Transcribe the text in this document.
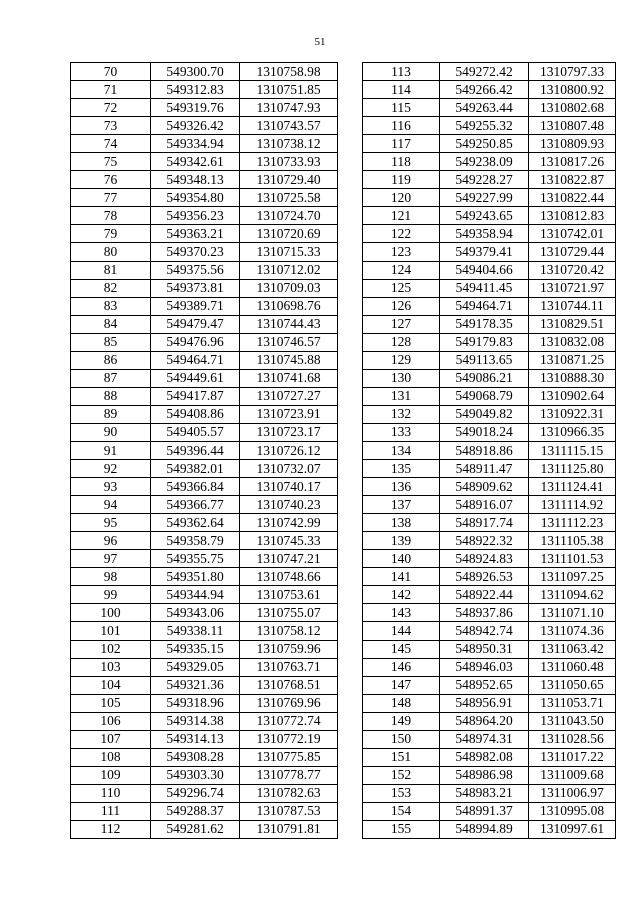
51
70	549300.70	1310758.98		113	549272.42	1310797.33
71	549312.83	1310751.85		114	549266.42	1310800.92
72	549319.76	1310747.93		115	549263.44	1310802.68
73	549326.42	1310743.57		116	549255.32	1310807.48
74	549334.94	1310738.12		117	549250.85	1310809.93
75	549342.61	1310733.93		118	549238.09	1310817.26
76	549348.13	1310729.40		119	549228.27	1310822.87
77	549354.80	1310725.58		120	549227.99	1310822.44
78	549356.23	1310724.70		121	549243.65	1310812.83
79	549363.21	1310720.69		122	549358.94	1310742.01
80	549370.23	1310715.33		123	549379.41	1310729.44
81	549375.56	1310712.02		124	549404.66	1310720.42
82	549373.81	1310709.03		125	549411.45	1310721.97
83	549389.71	1310698.76		126	549464.71	1310744.11
84	549479.47	1310744.43		127	549178.35	1310829.51
85	549476.96	1310746.57		128	549179.83	1310832.08
86	549464.71	1310745.88		129	549113.65	1310871.25
87	549449.61	1310741.68		130	549086.21	1310888.30
88	549417.87	1310727.27		131	549068.79	1310902.64
89	549408.86	1310723.91		132	549049.82	1310922.31
90	549405.57	1310723.17		133	549018.24	1310966.35
91	549396.44	1310726.12		134	548918.86	1311115.15
92	549382.01	1310732.07		135	548911.47	1311125.80
93	549366.84	1310740.17		136	548909.62	1311124.41
94	549366.77	1310740.23		137	548916.07	1311114.92
95	549362.64	1310742.99		138	548917.74	1311112.23
96	549358.79	1310745.33		139	548922.32	1311105.38
97	549355.75	1310747.21		140	548924.83	1311101.53
98	549351.80	1310748.66		141	548926.53	1311097.25
99	549344.94	1310753.61		142	548922.44	1311094.62
100	549343.06	1310755.07		143	548937.86	1311071.10
101	549338.11	1310758.12		144	548942.74	1311074.36
102	549335.15	1310759.96		145	548950.31	1311063.42
103	549329.05	1310763.71		146	548946.03	1311060.48
104	549321.36	1310768.51		147	548952.65	1311050.65
105	549318.96	1310769.96		148	548956.91	1311053.71
106	549314.38	1310772.74		149	548964.20	1311043.50
107	549314.13	1310772.19		150	548974.31	1311028.56
108	549308.28	1310775.85		151	548982.08	1311017.22
109	549303.30	1310778.77		152	548986.98	1311009.68
110	549296.74	1310782.63		153	548983.21	1311006.97
111	549288.37	1310787.53		154	548991.37	1310995.08
112	549281.62	1310791.81		155	548994.89	1310997.61
